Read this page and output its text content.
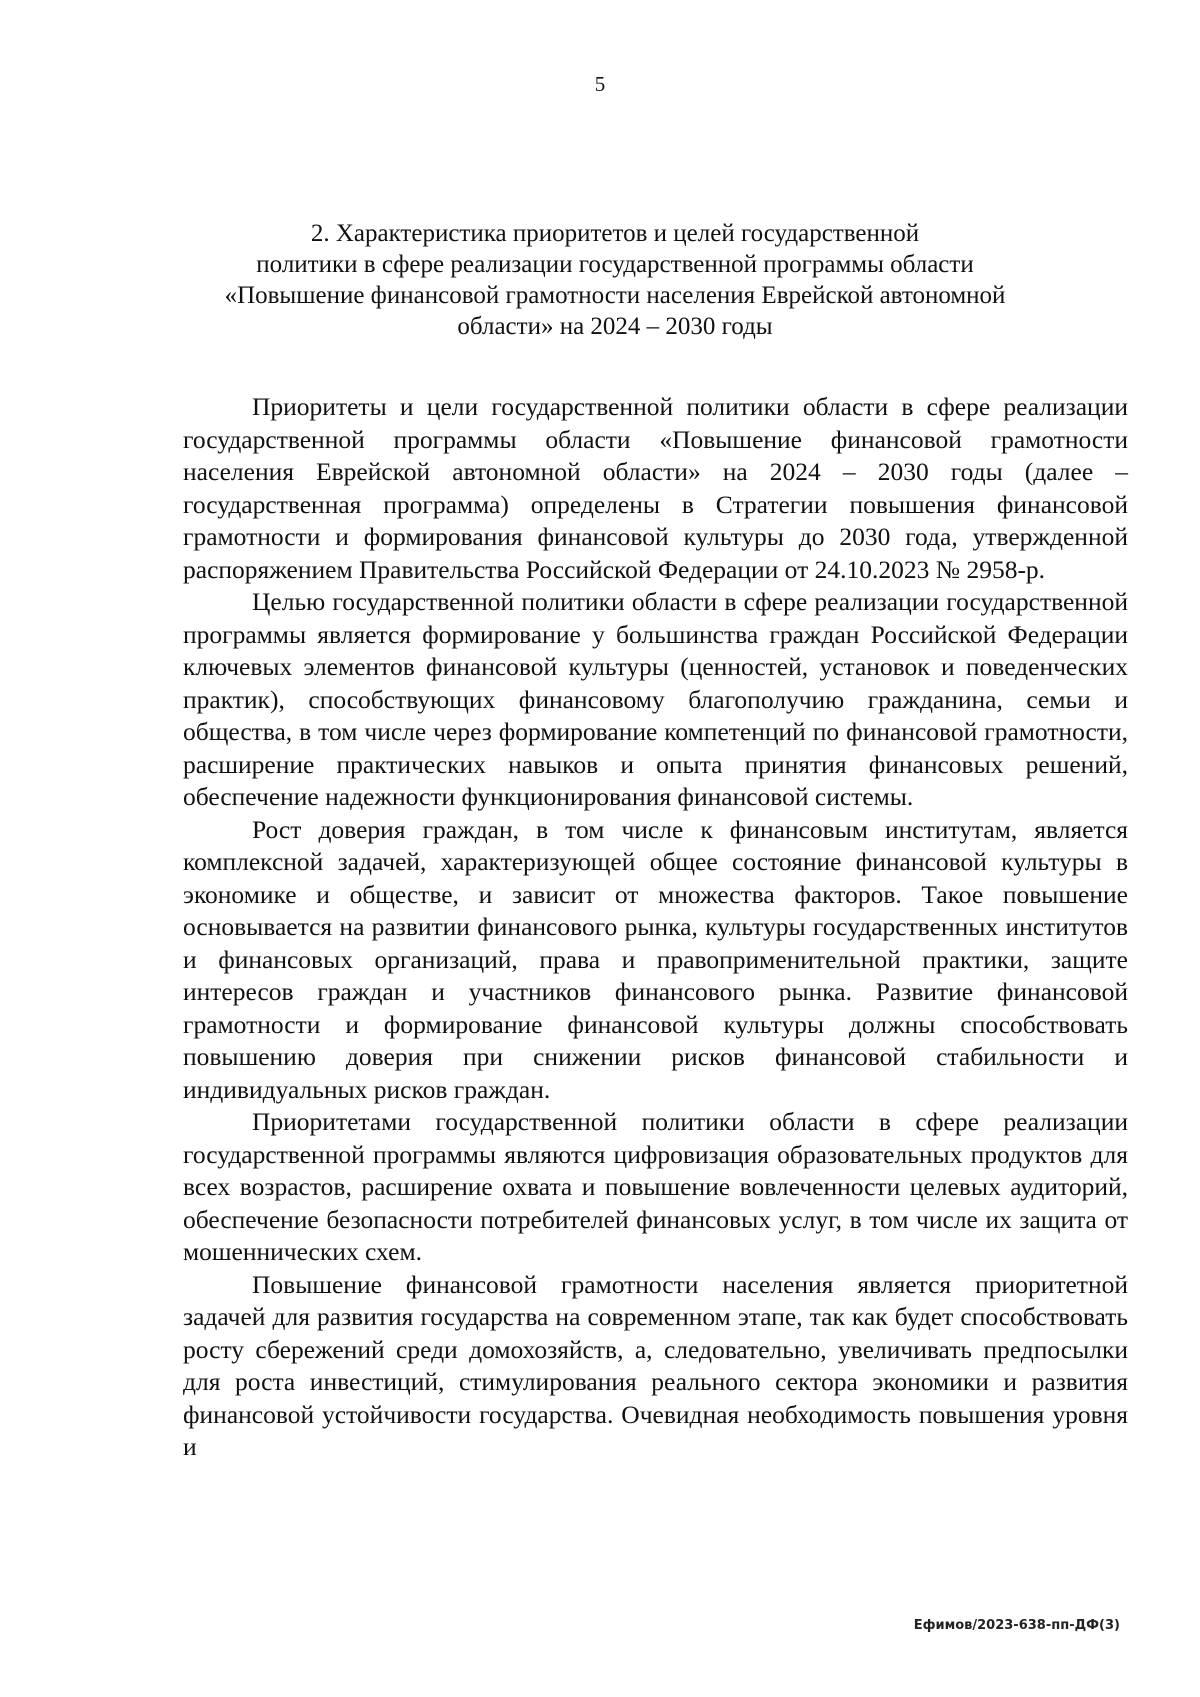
5
2. Характеристика приоритетов и целей государственной
политики в сфере реализации государственной программы области
«Повышение финансовой грамотности населения Еврейской автономной
области» на 2024 – 2030 годы

Приоритеты и цели государственной политики области в сфере реализации государственной программы области «Повышение финансовой грамотности населения Еврейской автономной области» на 2024 – 2030 годы (далее – государственная программа) определены в Стратегии повышения финансовой грамотности и формирования финансовой культуры до 2030 года, утвержденной распоряжением Правительства Российской Федерации от 24.10.2023 № 2958-р.

Целью государственной политики области в сфере реализации государственной программы является формирование у большинства граждан Российской Федерации ключевых элементов финансовой культуры (ценностей, установок и поведенческих практик), способствующих финансовому благополучию гражданина, семьи и общества, в том числе через формирование компетенций по финансовой грамотности, расширение практических навыков и опыта принятия финансовых решений, обеспечение надежности функционирования финансовой системы.

Рост доверия граждан, в том числе к финансовым институтам, является комплексной задачей, характеризующей общее состояние финансовой культуры в экономике и обществе, и зависит от множества факторов. Такое повышение основывается на развитии финансового рынка, культуры государственных институтов и финансовых организаций, права и правоприменительной практики, защите интересов граждан и участников финансового рынка. Развитие финансовой грамотности и формирование финансовой культуры должны способствовать повышению доверия при снижении рисков финансовой стабильности и индивидуальных рисков граждан.

Приоритетами государственной политики области в сфере реализации государственной программы являются цифровизация образовательных продуктов для всех возрастов, расширение охвата и повышение вовлеченности целевых аудиторий, обеспечение безопасности потребителей финансовых услуг, в том числе их защита от мошеннических схем.

Повышение финансовой грамотности населения является приоритетной задачей для развития государства на современном этапе, так как будет способствовать росту сбережений среди домохозяйств, а, следовательно, увеличивать предпосылки для роста инвестиций, стимулирования реального сектора экономики и развития финансовой устойчивости государства. Очевидная необходимость повышения уровня и

Ефимов/2023-638-пп-ДФ(3)
